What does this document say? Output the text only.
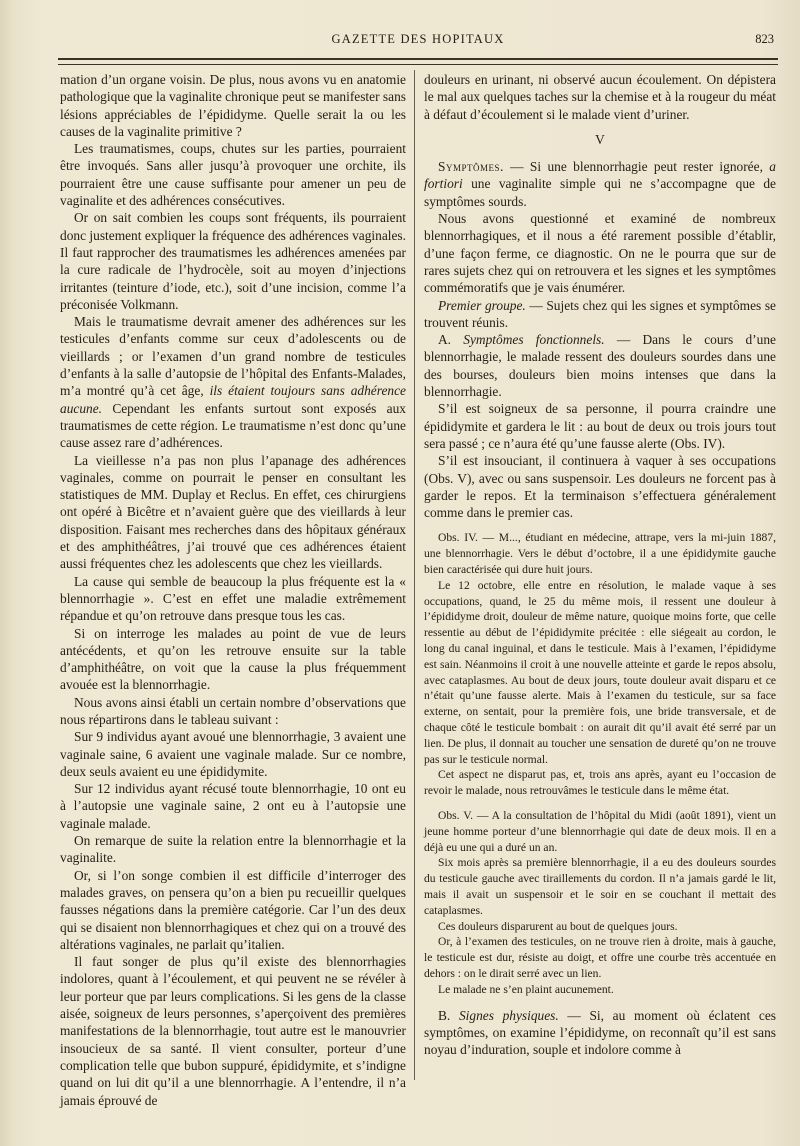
GAZETTE DES HOPITAUX	823

mation d’un organe voisin. De plus, nous avons vu en anatomie pathologique que la vaginalite chronique peut se manifester sans lésions appréciables de l’épididyme. Quelle serait la ou les causes de la vaginalite primitive ?

Les traumatismes, coups, chutes sur les parties, pourraient être invoqués. Sans aller jusqu’à provoquer une orchite, ils pourraient être une cause suffisante pour amener un peu de vaginalite et des adhérences consécutives.

Or on sait combien les coups sont fréquents, ils pourraient donc justement expliquer la fréquence des adhérences vaginales. Il faut rapprocher des traumatismes les adhérences amenées par la cure radicale de l’hydrocèle, soit au moyen d’injections irritantes (teinture d’iode, etc.), soit d’une incision, comme l’a préconisée Volkmann.

Mais le traumatisme devrait amener des adhérences sur les testicules d’enfants comme sur ceux d’adolescents ou de vieillards ; or l’examen d’un grand nombre de testicules d’enfants à la salle d’autopsie de l’hôpital des Enfants-Malades, m’a montré qu’à cet âge, ils étaient toujours sans adhérence aucune. Cependant les enfants surtout sont exposés aux traumatismes de cette région. Le traumatisme n’est donc qu’une cause assez rare d’adhérences.

La vieillesse n’a pas non plus l’apanage des adhérences vaginales, comme on pourrait le penser en consultant les statistiques de MM. Duplay et Reclus. En effet, ces chirurgiens ont opéré à Bicêtre et n’avaient guère que des vieillards à leur disposition. Faisant mes recherches dans des hôpitaux généraux et des amphithéâtres, j’ai trouvé que ces adhérences étaient aussi fréquentes chez les adolescents que chez les vieillards.

La cause qui semble de beaucoup la plus fréquente est la « blennorrhagie ». C’est en effet une maladie extrêmement répandue et qu’on retrouve dans presque tous les cas.

Si on interroge les malades au point de vue de leurs antécédents, et qu’on les retrouve ensuite sur la table d’amphithéâtre, on voit que la cause la plus fréquemment avouée est la blennorrhagie.

Nous avons ainsi établi un certain nombre d’observations que nous répartirons dans le tableau suivant :

Sur 9 individus ayant avoué une blennorrhagie, 3 avaient une vaginale saine, 6 avaient une vaginale malade. Sur ce nombre, deux seuls avaient eu une épididymite.

Sur 12 individus ayant récusé toute blennorrhagie, 10 ont eu à l’autopsie une vaginale saine, 2 ont eu à l’autopsie une vaginale malade.

On remarque de suite la relation entre la blennorrhagie et la vaginalite.

Or, si l’on songe combien il est difficile d’interroger des malades graves, on pensera qu’on a bien pu recueillir quelques fausses négations dans la première catégorie. Car l’un des deux qui se disaient non blennorrhagiques et chez qui on a trouvé des altérations vaginales, ne parlait qu’italien.

Il faut songer de plus qu’il existe des blennorrhagies indolores, quant à l’écoulement, et qui peuvent ne se révéler à leur porteur que par leurs complications. Si les gens de la classe aisée, soigneux de leurs personnes, s’aperçoivent des premières manifestations de la blennorrhagie, tout autre est le manouvrier insoucieux de sa santé. Il vient consulter, porteur d’une complication telle que bubon suppuré, épididymite, et s’indigne quand on lui dit qu’il a une blennorrhagie. A l’entendre, il n’a jamais éprouvé de

douleurs en urinant, ni observé aucun écoulement. On dépistera le mal aux quelques taches sur la chemise et à la rougeur du méat à défaut d’écoulement si le malade vient d’uriner.

V

Symptômes. — Si une blennorrhagie peut rester ignorée, a fortiori une vaginalite simple qui ne s’accompagne que de symptômes sourds.

Nous avons questionné et examiné de nombreux blennorrhagiques, et il nous a été rarement possible d’établir, d’une façon ferme, ce diagnostic. On ne le pourra que sur de rares sujets chez qui on retrouvera et les signes et les symptômes commémoratifs que je vais énumérer.

Premier groupe. — Sujets chez qui les signes et symptômes se trouvent réunis.

A. Symptômes fonctionnels. — Dans le cours d’une blennorrhagie, le malade ressent des douleurs sourdes dans une des bourses, douleurs bien moins intenses que dans la blennorrhagie.

S’il est soigneux de sa personne, il pourra craindre une épididymite et gardera le lit : au bout de deux ou trois jours tout sera passé ; ce n’aura été qu’une fausse alerte (Obs. IV).

S’il est insouciant, il continuera à vaquer à ses occupations (Obs. V), avec ou sans suspensoir. Les douleurs ne forcent pas à garder le repos. Et la terminaison s’effectuera généralement comme dans le premier cas.

Obs. IV. — M..., étudiant en médecine, attrape, vers la mi-juin 1887, une blennorrhagie. Vers le début d’octobre, il a une épididymite gauche bien caractérisée qui dure huit jours.

Le 12 octobre, elle entre en résolution, le malade vaque à ses occupations, quand, le 25 du même mois, il ressent une douleur à l’épididyme droit, douleur de même nature, quoique moins forte, que celle ressentie au début de l’épididymite précitée : elle siégeait au cordon, le long du canal inguinal, et dans le testicule. Mais à l’examen, l’épididyme est sain. Néanmoins il croit à une nouvelle atteinte et garde le repos absolu, avec cataplasmes. Au bout de deux jours, toute douleur avait disparu et ce n’était qu’une fausse alerte. Mais à l’examen du testicule, sur sa face externe, on sentait, pour la première fois, une bride transversale, et de chaque côté le testicule bombait : on aurait dit qu’il avait été serré par un lien. De plus, il donnait au toucher une sensation de dureté qu’on ne trouve pas sur le testicule normal.

Cet aspect ne disparut pas, et, trois ans après, ayant eu l’occasion de revoir le malade, nous retrouvâmes le testicule dans le même état.

Obs. V. — A la consultation de l’hôpital du Midi (août 1891), vient un jeune homme porteur d’une blennorrhagie qui date de deux mois. Il en a déjà eu une qui a duré un an.

Six mois après sa première blennorrhagie, il a eu des douleurs sourdes du testicule gauche avec tiraillements du cordon. Il n’a jamais gardé le lit, mais il avait un suspensoir et le soir en se couchant il mettait des cataplasmes.

Ces douleurs disparurent au bout de quelques jours.

Or, à l’examen des testicules, on ne trouve rien à droite, mais à gauche, le testicule est dur, résiste au doigt, et offre une courbe très accentuée en dehors : on le dirait serré avec un lien.

Le malade ne s’en plaint aucunement.

B. Signes physiques. — Si, au moment où éclatent ces symptômes, on examine l’épididyme, on reconnaît qu’il est sans noyau d’induration, souple et indolore comme à
